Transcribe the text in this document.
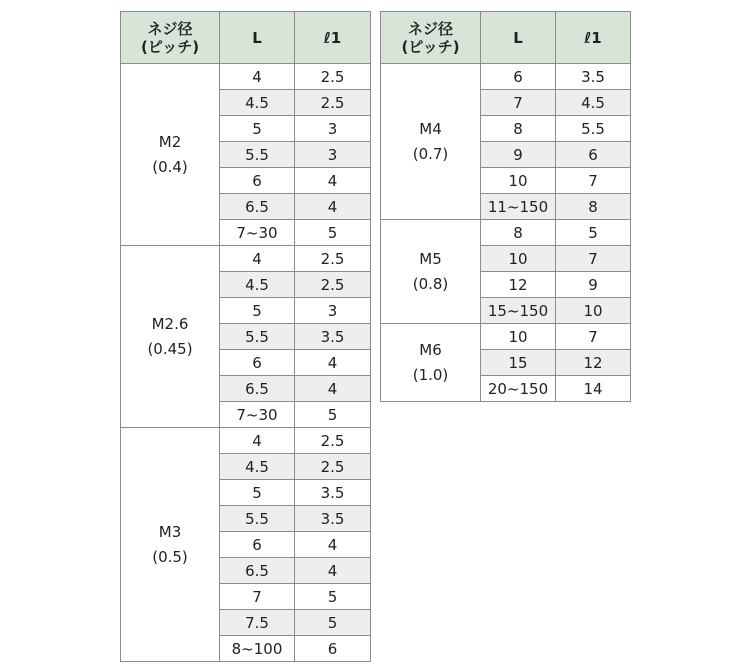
ネジ径
(ピッチ)	L	ℓ1

M2
(0.4)	4	2.5
	4.5	2.5
	5	3
	5.5	3
	6	4
	6.5	4
	7~30	5

M2.6
(0.45)	4	2.5
	4.5	2.5
	5	3
	5.5	3.5
	6	4
	6.5	4
	7~30	5

M3
(0.5)	4	2.5
	4.5	2.5
	5	3.5
	5.5	3.5
	6	4
	6.5	4
	7	5
	7.5	5
	8~100	6
ネジ径
(ピッチ)	L	ℓ1

M4
(0.7)	6	3.5
	7	4.5
	8	5.5
	9	6
	10	7
	11~150	8

M5
(0.8)	8	5
	10	7
	12	9
	15~150	10

M6
(1.0)	10	7
	15	12
	20~150	14
